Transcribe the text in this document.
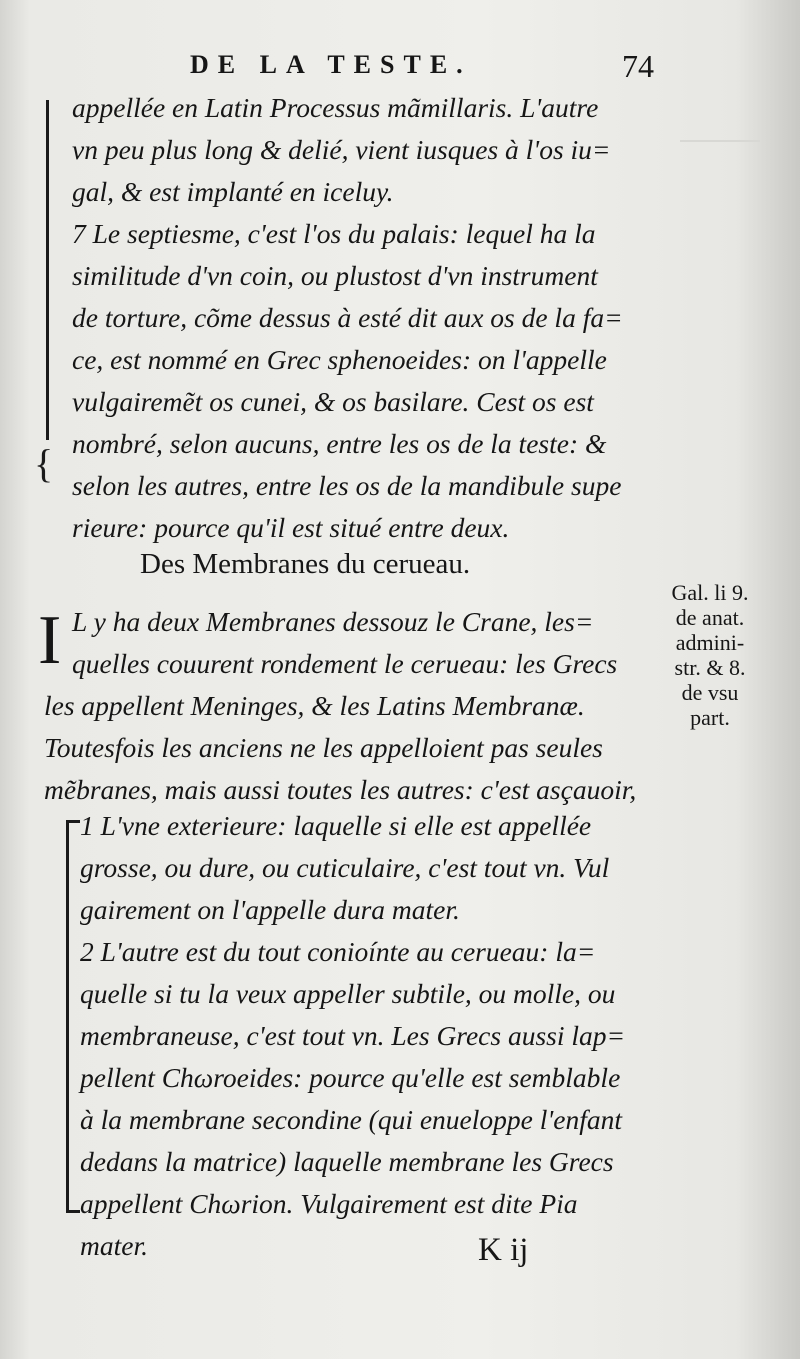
DE LA TESTE.	74
{
appellée en Latin Processus mãmillaris. L'autre
vn peu plus long & delié, vient iusques à l'os iu=
gal, & est implanté en iceluy.
7 Le septiesme, c'est l'os du palais: lequel ha la
similitude d'vn coin, ou plustost d'vn instrument
de torture, cõme dessus à esté dit aux os de la fa=
ce, est nommé en Grec sphenoeides: on l'appelle
vulgairemẽt os cunei, & os basilare. Cest os est
nombré, selon aucuns, entre les os de la teste: &
selon les autres, entre les os de la mandibule supe
rieure: pource qu'il est situé entre deux.
Des Membranes du cerueau.
I L y ha deux Membranes dessouz le Crane, les=
quelles couurent rondement le cerueau: les Grecs
les appellent Meninges, & les Latins Membranæ.
Toutesfois les anciens ne les appelloient pas seules
mẽbranes, mais aussi toutes les autres: c'est asçauoir,
Gal. li 9.
de anat.
admini-
str. & 8.
de vsu
part.
1 L'vne exterieure: laquelle si elle est appellée
grosse, ou dure, ou cuticulaire, c'est tout vn. Vul
gairement on l'appelle dura mater.
2 L'autre est du tout conioínte au cerueau: la=
quelle si tu la veux appeller subtile, ou molle, ou
membraneuse, c'est tout vn. Les Grecs aussi lap=
pellent Chωroeides: pource qu'elle est semblable
à la membrane secondine (qui enueloppe l'enfant
dedans la matrice) laquelle membrane les Grecs
appellent Chωrion. Vulgairement est dite Pia
mater.	K ij
